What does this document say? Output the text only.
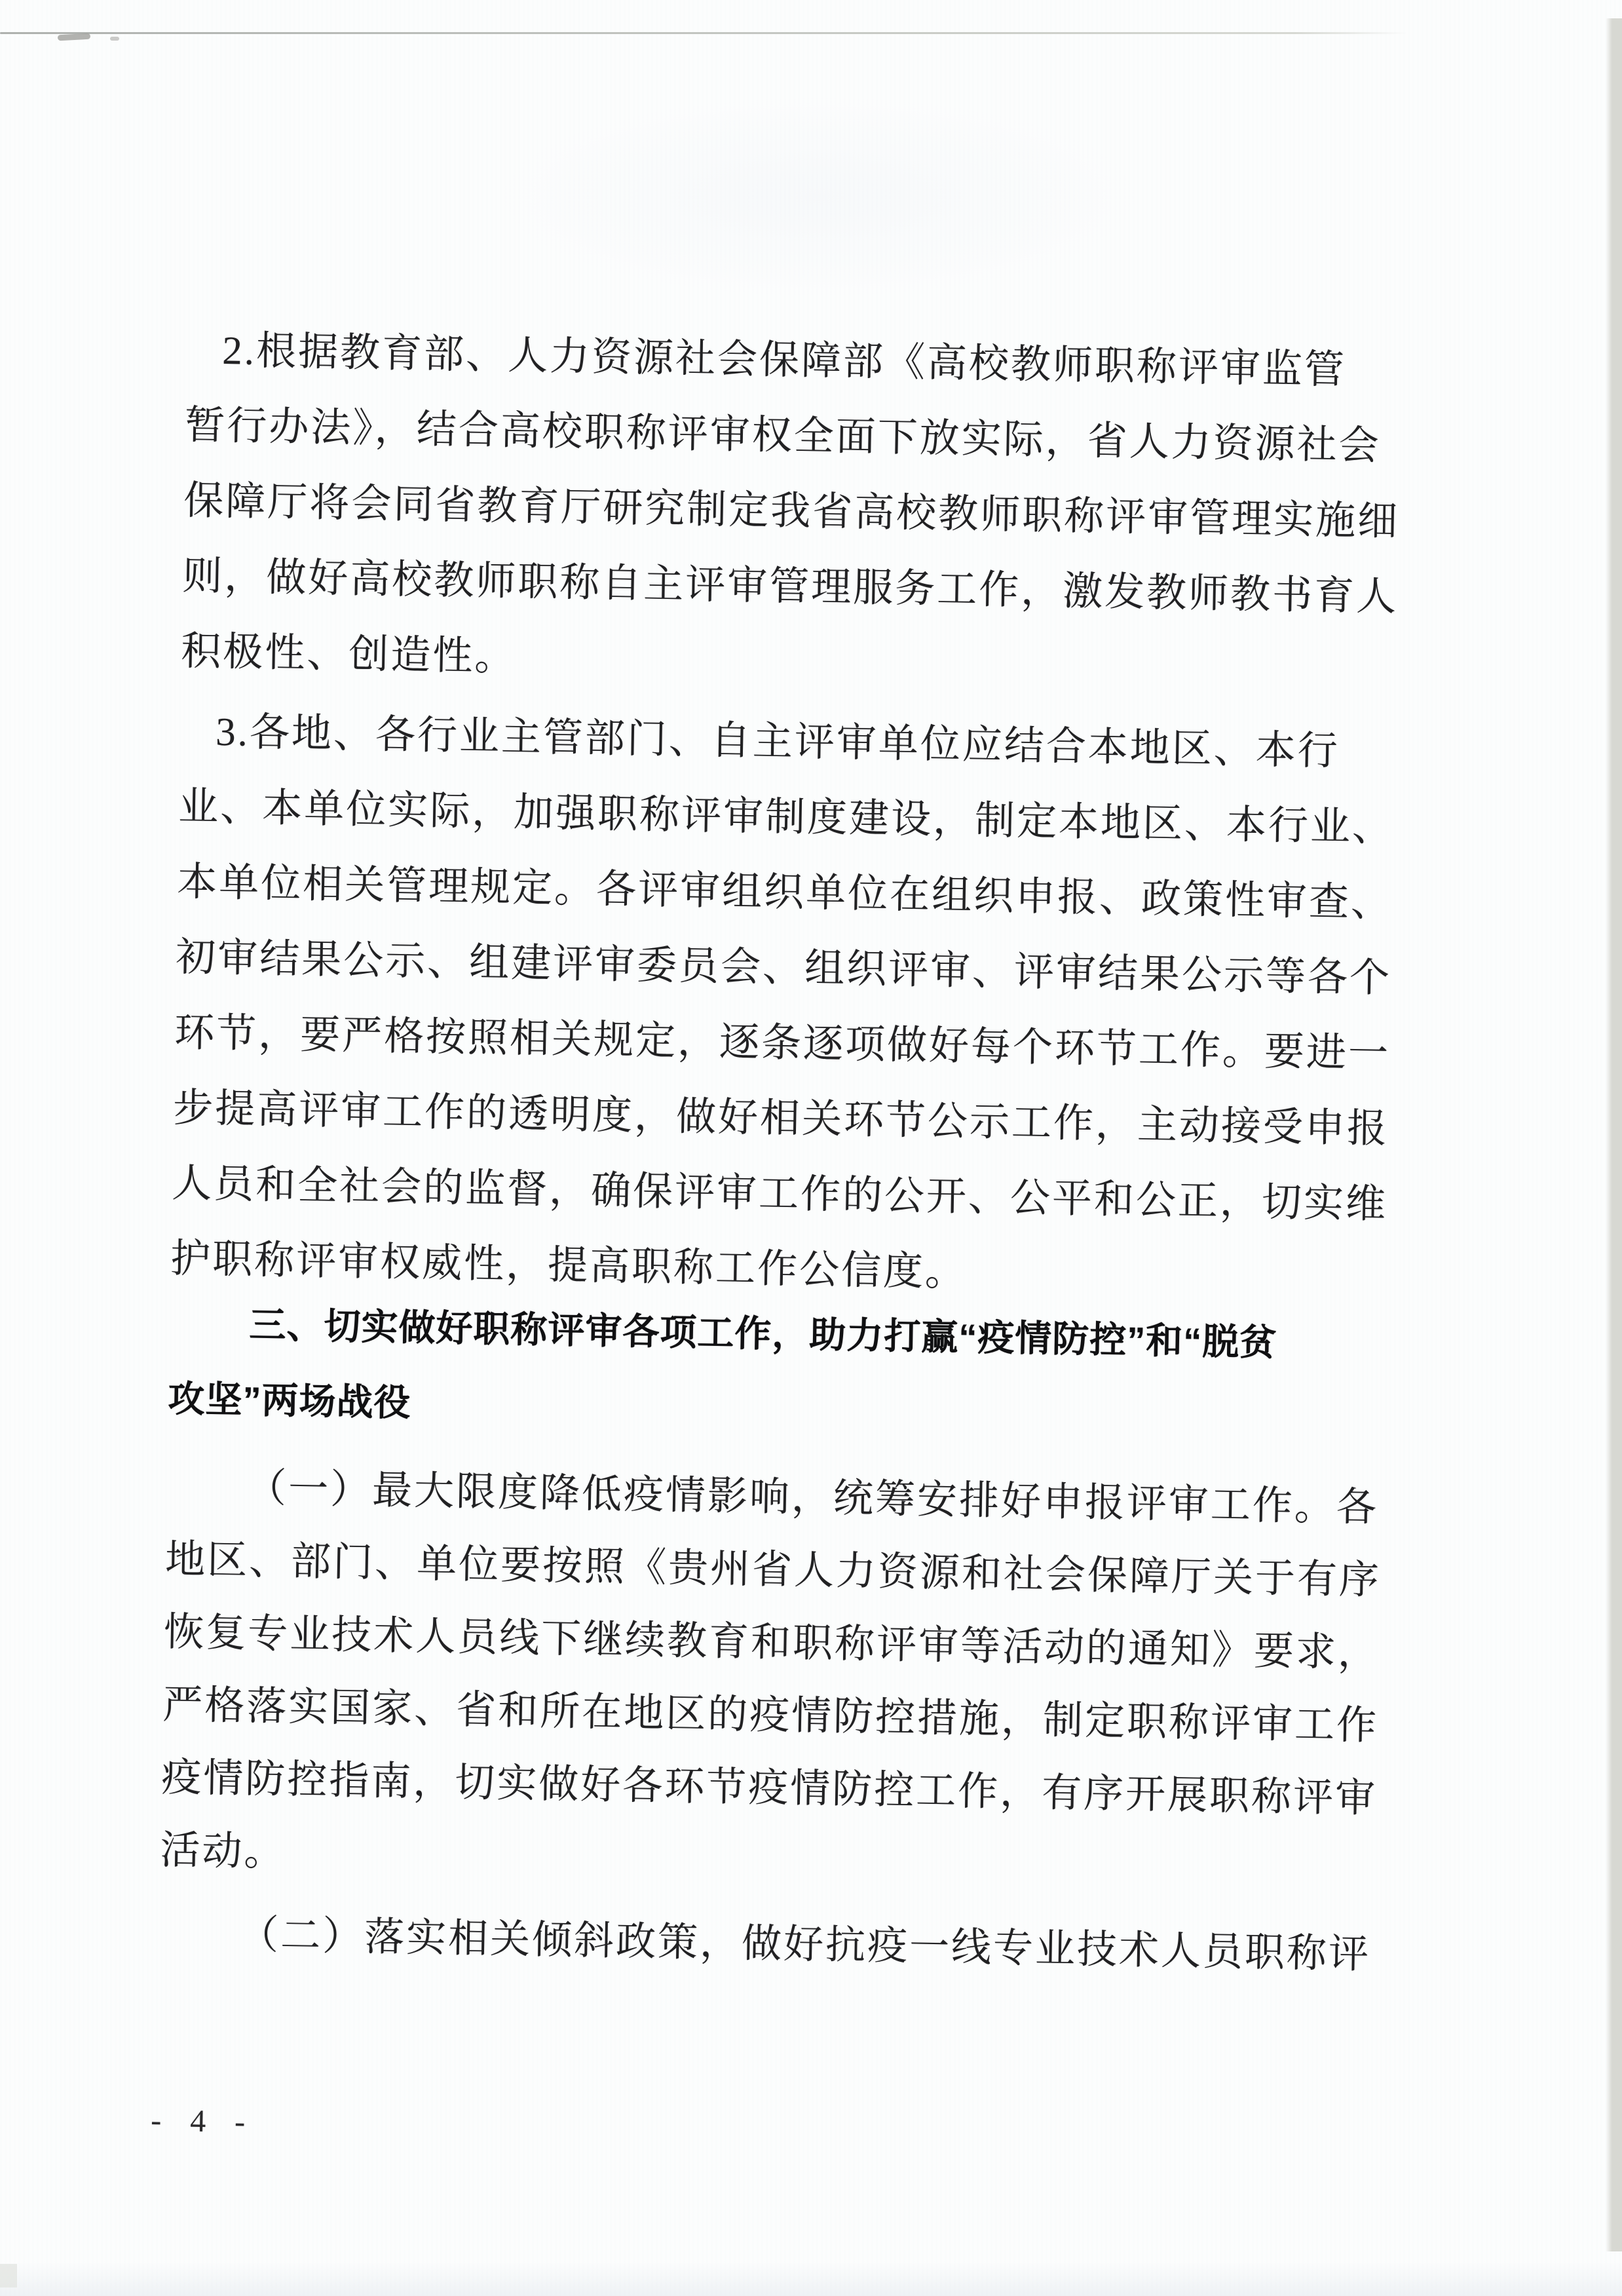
2.根据教育部、人力资源社会保障部《高校教师职称评审监管
暂行办法》，结合高校职称评审权全面下放实际，省人力资源社会
保障厅将会同省教育厅研究制定我省高校教师职称评审管理实施细
则，做好高校教师职称自主评审管理服务工作，激发教师教书育人
积极性、创造性。
3.各地、各行业主管部门、自主评审单位应结合本地区、本行
业、本单位实际，加强职称评审制度建设，制定本地区、本行业、
本单位相关管理规定。各评审组织单位在组织申报、政策性审查、
初审结果公示、组建评审委员会、组织评审、评审结果公示等各个
环节，要严格按照相关规定，逐条逐项做好每个环节工作。要进一
步提高评审工作的透明度，做好相关环节公示工作，主动接受申报
人员和全社会的监督，确保评审工作的公开、公平和公正，切实维
护职称评审权威性，提高职称工作公信度。
三、切实做好职称评审各项工作，助力打赢“疫情防控”和“脱贫
攻坚”两场战役
（一）最大限度降低疫情影响，统筹安排好申报评审工作。各
地区、部门、单位要按照《贵州省人力资源和社会保障厅关于有序
恢复专业技术人员线下继续教育和职称评审等活动的通知》要求，
严格落实国家、省和所在地区的疫情防控措施，制定职称评审工作
疫情防控指南，切实做好各环节疫情防控工作，有序开展职称评审
活动。
（二）落实相关倾斜政策，做好抗疫一线专业技术人员职称评
- 4 -
